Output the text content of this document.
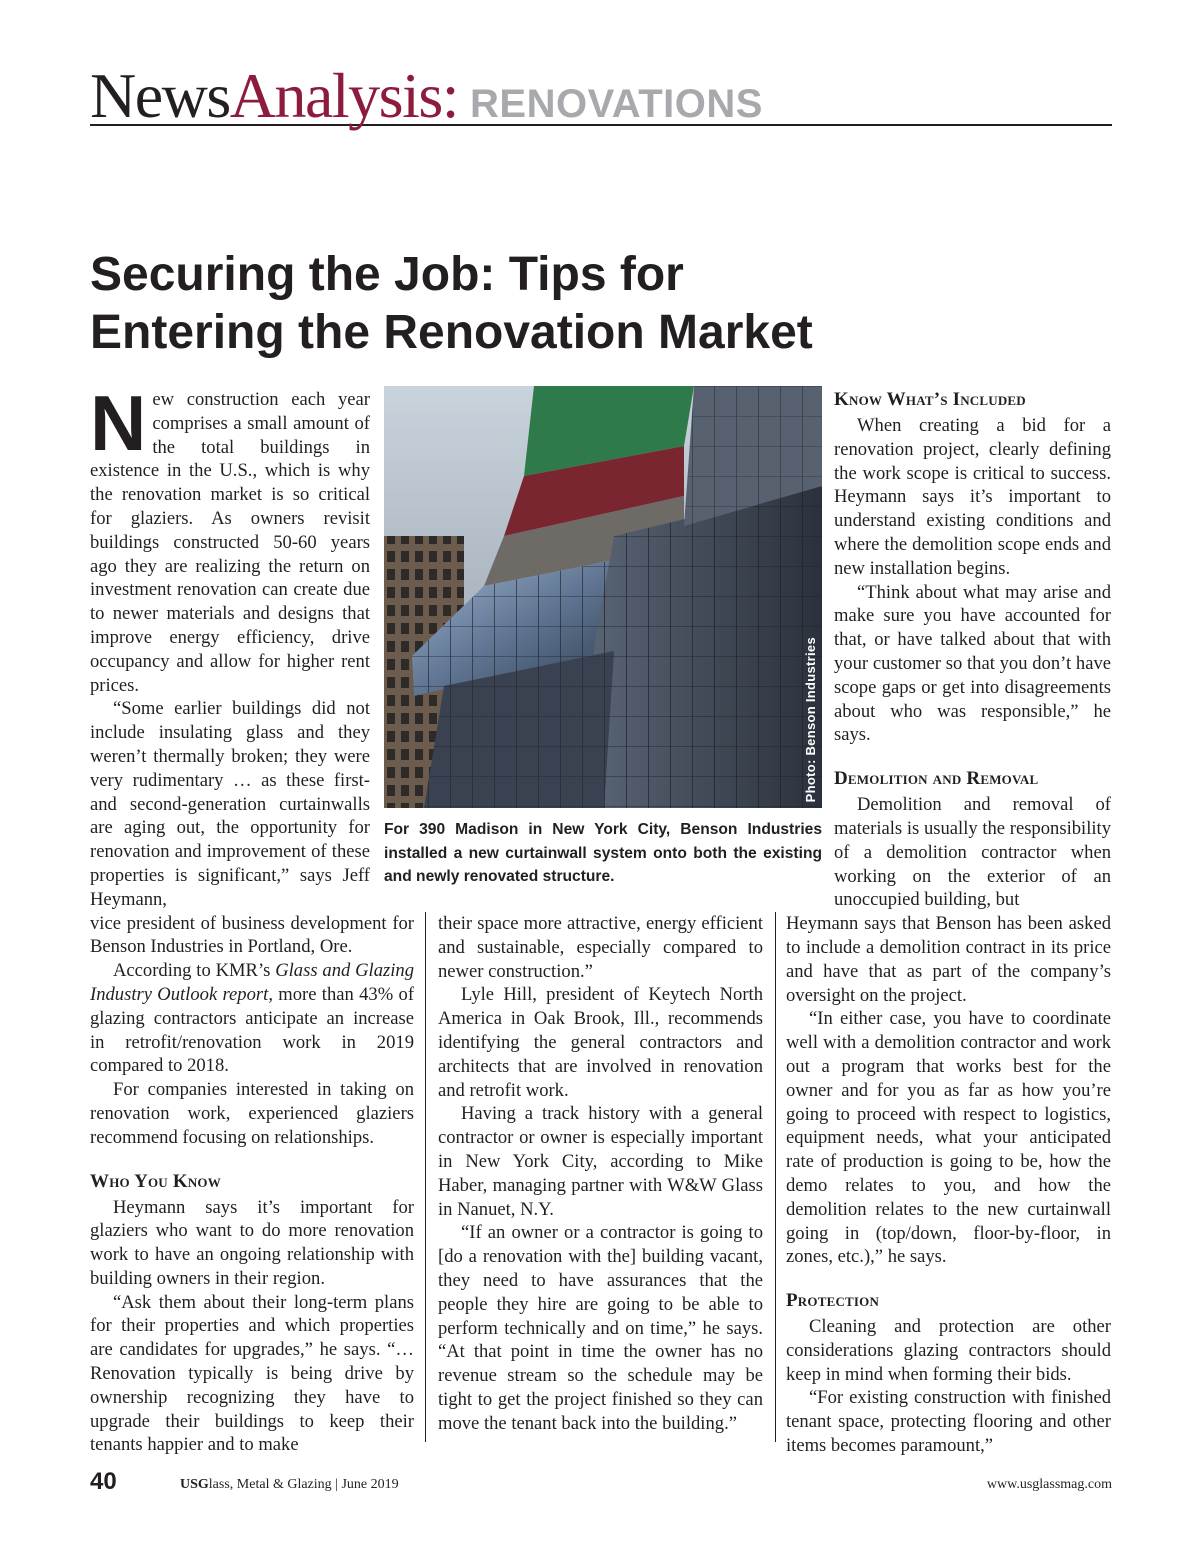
NewsAnalysis: RENOVATIONS
Securing the Job: Tips for
Entering the Renovation Market

New construction each year comprises a small amount of the total buildings in existence in the U.S., which is why the renovation market is so critical for glaziers. As owners revisit buildings constructed 50-60 years ago they are realizing the return on investment renovation can create due to newer materials and designs that improve energy efficiency, drive occupancy and allow for higher rent prices.

“Some earlier buildings did not include insulating glass and they weren’t thermally broken; they were very rudimentary … as these first- and second-generation curtainwalls are aging out, the opportunity for renovation and improvement of these properties is significant,” says Jeff Heymann,

vice president of business development for Benson Industries in Portland, Ore.

According to KMR’s Glass and Glazing Industry Outlook report, more than 43% of glazing contractors anticipate an increase in retrofit/renovation work in 2019 compared to 2018.

For companies interested in taking on renovation work, experienced glaziers recommend focusing on relationships.

Who You Know

Heymann says it’s important for glaziers who want to do more renovation work to have an ongoing relationship with building owners in their region.

“Ask them about their long-term plans for their properties and which properties are candidates for upgrades,” he says. “… Renovation typically is being drive by ownership recognizing they have to upgrade their buildings to keep their tenants happier and to make

Photo: Benson Industries
For 390 Madison in New York City, Benson Industries installed a new curtainwall system onto both the existing and newly renovated structure.

their space more attractive, energy efficient and sustainable, especially compared to newer construction.”

Lyle Hill, president of Keytech North America in Oak Brook, Ill., recommends identifying the general contractors and architects that are involved in renovation and retrofit work.

Having a track history with a general contractor or owner is especially important in New York City, according to Mike Haber, managing partner with W&W Glass in Nanuet, N.Y.

“If an owner or a contractor is going to [do a renovation with the] building vacant, they need to have assurances that the people they hire are going to be able to perform technically and on time,” he says. “At that point in time the owner has no revenue stream so the schedule may be tight to get the project finished so they can move the tenant back into the building.”

Know What’s Included

When creating a bid for a renovation project, clearly defining the work scope is critical to success. Heymann says it’s important to understand existing conditions and where the demolition scope ends and new installation begins.

“Think about what may arise and make sure you have accounted for that, or have talked about that with your customer so that you don’t have scope gaps or get into disagreements about who was responsible,” he says.

Demolition and Removal

Demolition and removal of materials is usually the responsibility of a demolition contractor when working on the exterior of an unoccupied building, but

Heymann says that Benson has been asked to include a demolition contract in its price and have that as part of the company’s oversight on the project.

“In either case, you have to coordinate well with a demolition contractor and work out a program that works best for the owner and for you as far as how you’re going to proceed with respect to logistics, equipment needs, what your anticipated rate of production is going to be, how the demo relates to you, and how the demolition relates to the new curtainwall going in (top/down, floor-by-floor, in zones, etc.),” he says.

Protection

Cleaning and protection are other considerations glazing contractors should keep in mind when forming their bids.

“For existing construction with finished tenant space, protecting flooring and other items becomes paramount,”

40	USGlass, Metal & Glazing | June 2019	www.usglassmag.com
